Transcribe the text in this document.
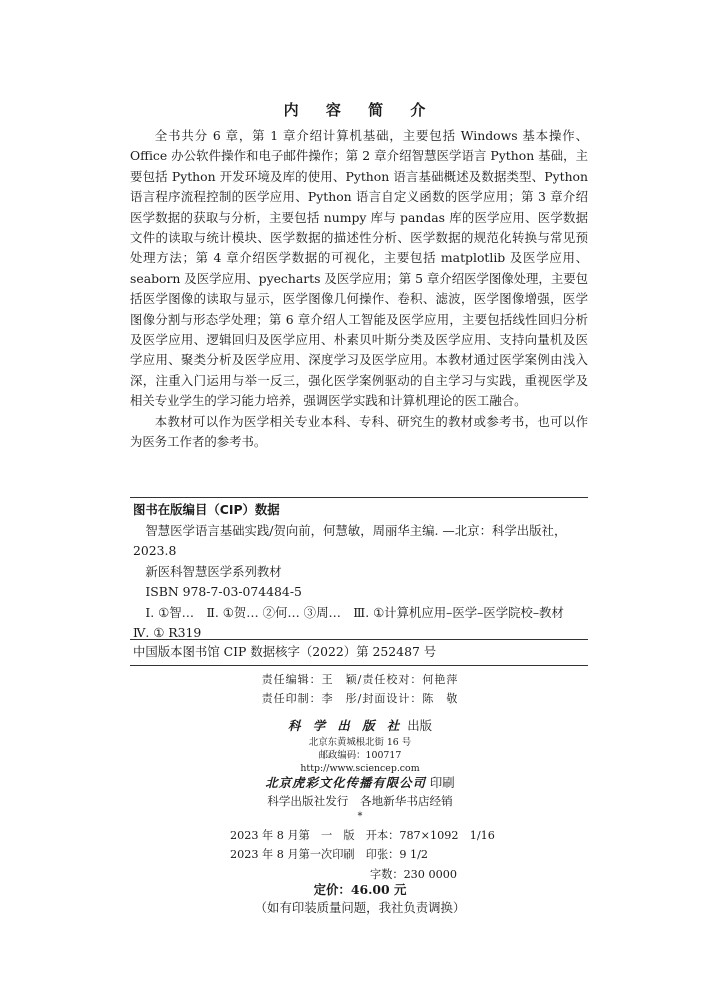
内 容 简 介

全书共分 6 章，第 1 章介绍计算机基础，主要包括 Windows 基本操作、Office 办公软件操作和电子邮件操作；第 2 章介绍智慧医学语言 Python 基础，主要包括 Python 开发环境及库的使用、Python 语言基础概述及数据类型、Python 语言程序流程控制的医学应用、Python 语言自定义函数的医学应用；第 3 章介绍医学数据的获取与分析，主要包括 numpy 库与 pandas 库的医学应用、医学数据文件的读取与统计模块、医学数据的描述性分析、医学数据的规范化转换与常见预处理方法；第 4 章介绍医学数据的可视化，主要包括 matplotlib 及医学应用、seaborn 及医学应用、pyecharts 及医学应用；第 5 章介绍医学图像处理，主要包括医学图像的读取与显示，医学图像几何操作、卷积、滤波，医学图像增强，医学图像分割与形态学处理；第 6 章介绍人工智能及医学应用，主要包括线性回归分析及医学应用、逻辑回归及医学应用、朴素贝叶斯分类及医学应用、支持向量机及医学应用、聚类分析及医学应用、深度学习及医学应用。本教材通过医学案例由浅入深，注重入门运用与举一反三，强化医学案例驱动的自主学习与实践，重视医学及相关专业学生的学习能力培养，强调医学实践和计算机理论的医工融合。

本教材可以作为医学相关专业本科、专科、研究生的教材或参考书，也可以作为医务工作者的参考书。

图书在版编目（CIP）数据

智慧医学语言基础实践/贺向前，何慧敏，周丽华主编. —北京：科学出版社，2023.8

新医科智慧医学系列教材

ISBN 978-7-03-074484-5

Ⅰ. ①智…　Ⅱ. ①贺… ②何… ③周…　Ⅲ. ①计算机应用–医学–医学院校–教材　Ⅳ. ① R319

中国版本图书馆 CIP 数据核字（2022）第 252487 号

责任编辑：王　颖/责任校对：何艳萍

责任印制：李　彤/封面设计：陈　敬

科 学 出 版 社 出版

北京东黄城根北街 16 号

邮政编码：100717

http://www.sciencep.com

北京虎彩文化传播有限公司 印刷
科学出版社发行　各地新华书店经销
*

2023 年 8 月第　一　版　开本：787×1092　1/16

2023 年 8 月第一次印刷　印张：9 1/2

字数：230 0000

定价：46.00 元
（如有印装质量问题，我社负责调换）
